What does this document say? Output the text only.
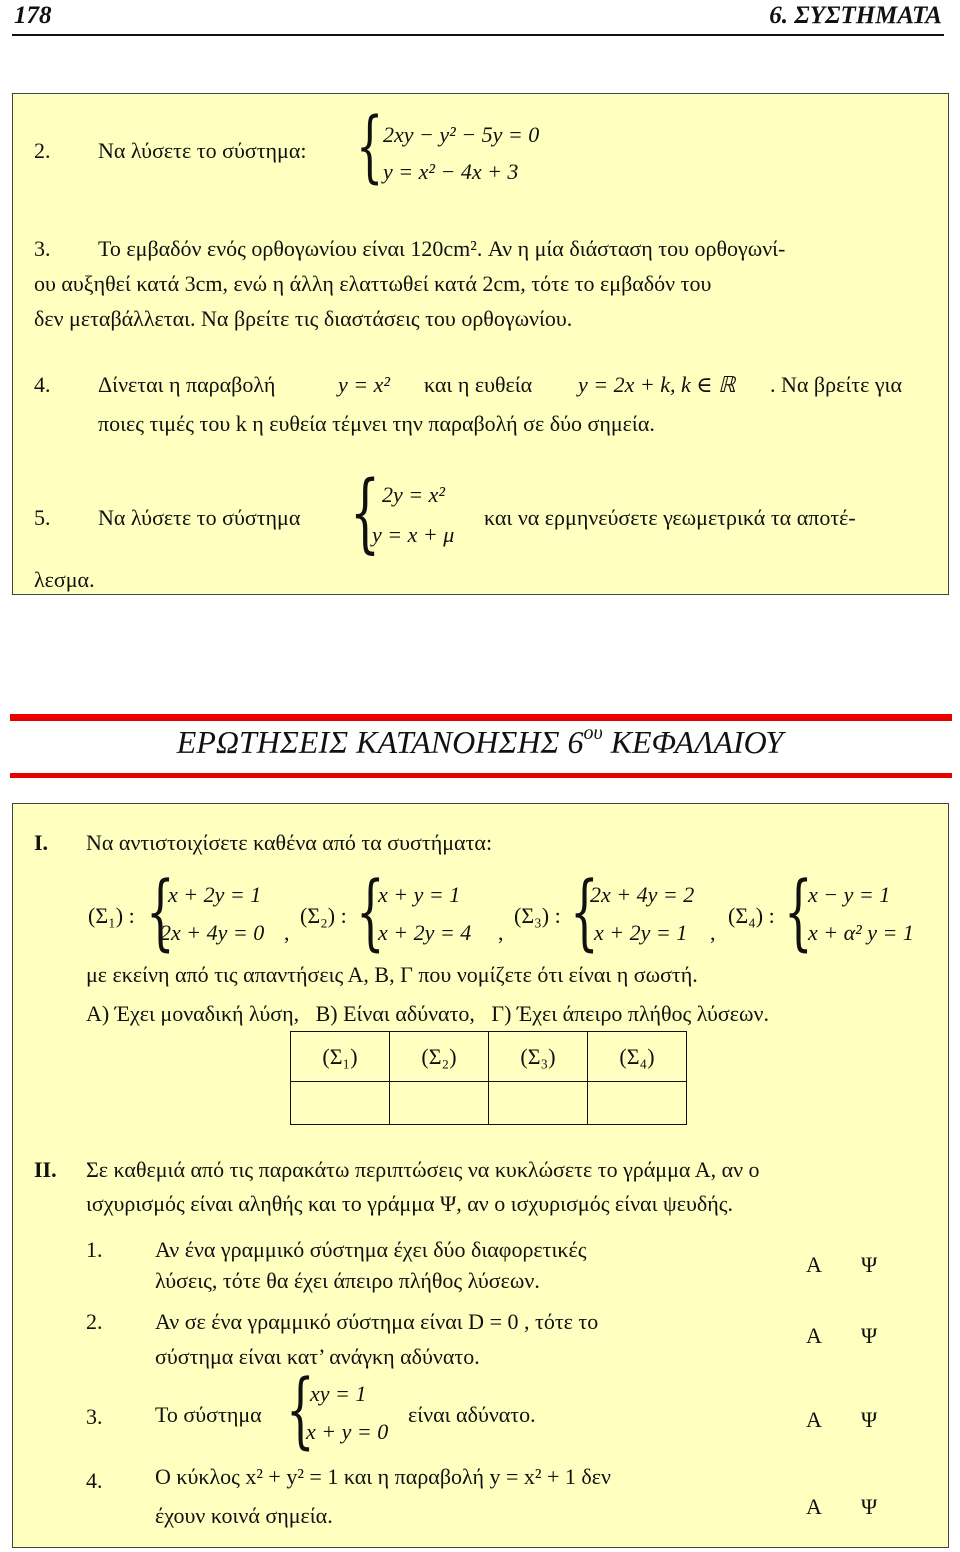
178	6. ΣΥΣΤΗΜΑΤΑ
2. Να λύσετε το σύστημα: { 2xy − y² − 5y = 0
y = x² − 4x + 3
3. Το εμβαδόν ενός ορθογωνίου είναι 120cm². Αν η μία διάσταση του ορθογωνί-
ου αυξηθεί κατά 3cm, ενώ η άλλη ελαττωθεί κατά 2cm, τότε το εμβαδόν του
δεν μεταβάλλεται. Να βρείτε τις διαστάσεις του ορθογωνίου.
4. Δίνεται η παραβολή	y = x² και η ευθεία y = 2x + k, k ∈ ℝ . Να βρείτε για
ποιες τιμές του k η ευθεία τέμνει την παραβολή σε δύο σημεία.
5. Να λύσετε το σύστημα { 2y = x²
y = x + μ
και να ερμηνεύσετε γεωμετρικά τα αποτέ-
λεσμα.
ΕΡΩΤΗΣΕΙΣ ΚΑΤΑΝΟΗΣΗΣ $6^{o\upsilon}$ ΚΕΦΑΛΑΙΟΥ
I. Να αντιστοιχίσετε καθένα από τα συστήματα:
(Σ₁) : {
x + 2y = 1
2x + 4y = 0 ,
(Σ₂) : {
x + y = 1
x + 2y = 4 ,
(Σ₃) : {
2x + 4y = 2
x + 2y = 1 ,
(Σ₄) : {
x − y = 1
x + α² y = 1
με εκείνη από τις απαντήσεις Α, Β, Γ που νομίζετε ότι είναι η σωστή.
Α) Έχει μοναδική λύση,   Β) Είναι αδύνατο,   Γ) Έχει άπειρο πλήθος λύσεων.
(Σ₁)	(Σ₂)	(Σ₃)	(Σ₄)

II. Σε καθεμιά από τις παρακάτω περιπτώσεις να κυκλώσετε το γράμμα Α, αν ο
ισχυρισμός είναι αληθής και το γράμμα Ψ, αν ο ισχυρισμός είναι ψευδής.
1. Αν ένα γραμμικό σύστημα έχει δύο διαφορετικές
λύσεις, τότε θα έχει άπειρο πλήθος λύσεων.
Α Ψ
2. Αν σε ένα γραμμικό σύστημα είναι D = 0 , τότε το
σύστημα είναι κατ’ ανάγκη αδύνατο.
Α Ψ
3. Το σύστημα {
xy = 1
x + y = 0
είναι αδύνατο.	Α Ψ
4. Ο κύκλος x² + y² = 1 και η παραβολή y = x² + 1 δεν
έχουν κοινά σημεία.	Α Ψ
